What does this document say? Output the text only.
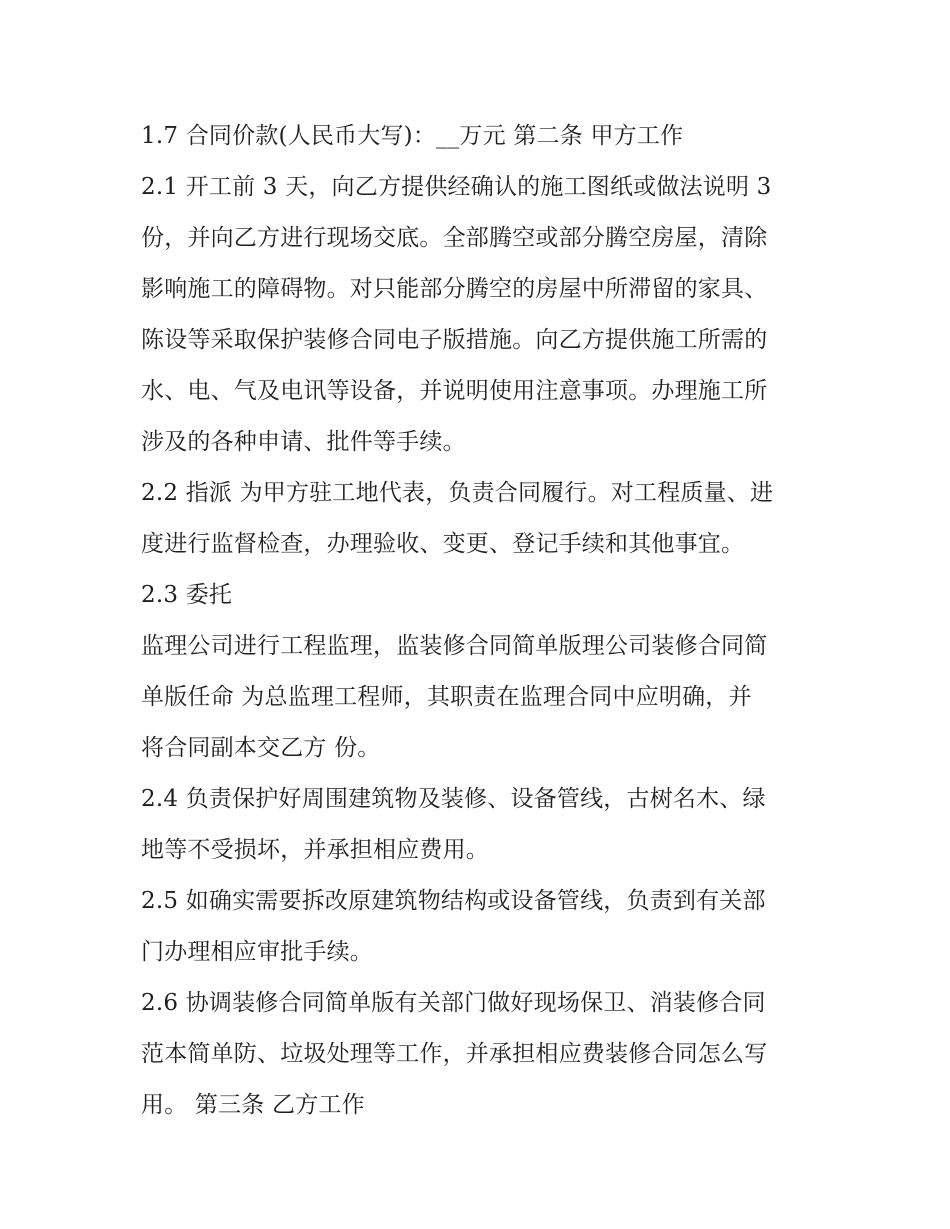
1.7 合同价款(人民币大写)：__万元 第二条 甲方工作
2.1 开工前 3 天，向乙方提供经确认的施工图纸或做法说明 3
份，并向乙方进行现场交底。全部腾空或部分腾空房屋，清除
影响施工的障碍物。对只能部分腾空的房屋中所滞留的家具、
陈设等采取保护装修合同电子版措施。向乙方提供施工所需的
水、电、气及电讯等设备，并说明使用注意事项。办理施工所
涉及的各种申请、批件等手续。
2.2 指派 为甲方驻工地代表，负责合同履行。对工程质量、进
度进行监督检查，办理验收、变更、登记手续和其他事宜。
2.3 委托
监理公司进行工程监理，监装修合同简单版理公司装修合同简
单版任命 为总监理工程师，其职责在监理合同中应明确，并
将合同副本交乙方 份。
2.4 负责保护好周围建筑物及装修、设备管线，古树名木、绿
地等不受损坏，并承担相应费用。
2.5 如确实需要拆改原建筑物结构或设备管线，负责到有关部
门办理相应审批手续。
2.6 协调装修合同简单版有关部门做好现场保卫、消装修合同
范本简单防、垃圾处理等工作，并承担相应费装修合同怎么写
用。 第三条 乙方工作
